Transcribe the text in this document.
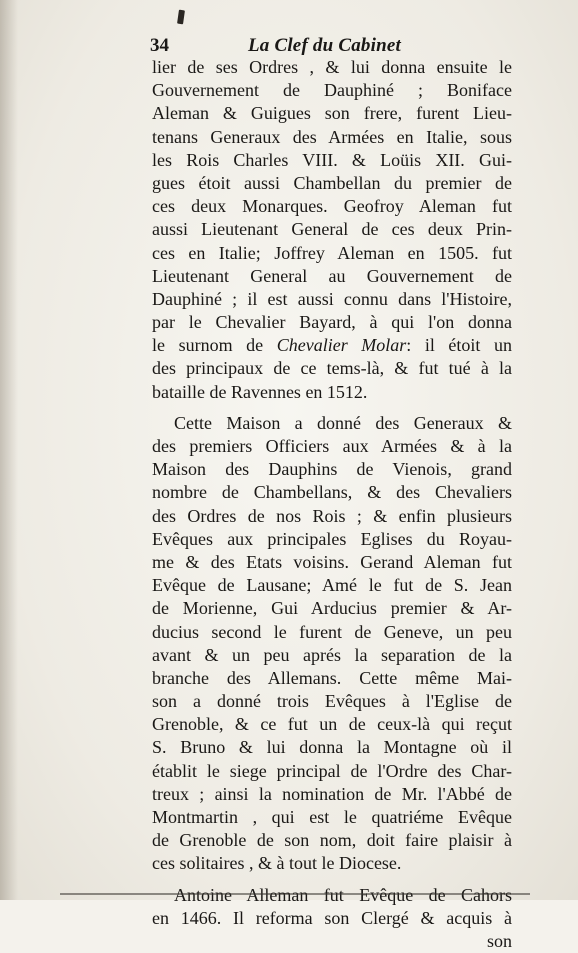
34	La Clef du Cabinet
lier de ses Ordres , & lui donna ensuite le
Gouvernement de Dauphiné ; Boniface
Aleman & Guigues son frere, furent Lieu-
tenans Generaux des Armées en Italie, sous
les Rois Charles VIII. & Loüis XII. Gui-
gues étoit aussi Chambellan du premier de
ces deux Monarques. Geofroy Aleman fut
aussi Lieutenant General de ces deux Prin-
ces en Italie; Joffrey Aleman en 1505. fut
Lieutenant General au Gouvernement de
Dauphiné ; il est aussi connu dans l'Histoire,
par le Chevalier Bayard, à qui l'on donna
le surnom de Chevalier Molar: il étoit un
des principaux de ce tems-là, & fut tué à la
bataille de Ravennes en 1512.
Cette Maison a donné des Generaux &
des premiers Officiers aux Armées & à la
Maison des Dauphins de Vienois, grand
nombre de Chambellans, & des Chevaliers
des Ordres de nos Rois ; & enfin plusieurs
Evêques aux principales Eglises du Royau-
me & des Etats voisins. Gerand Aleman fut
Evêque de Lausane; Amé le fut de S. Jean
de Morienne, Gui Arducius premier & Ar-
ducius second le furent de Geneve, un peu
avant & un peu aprés la separation de la
branche des Allemans. Cette même Mai-
son a donné trois Evêques à l'Eglise de
Grenoble, & ce fut un de ceux-là qui reçut
S. Bruno & lui donna la Montagne où il
établit le siege principal de l'Ordre des Char-
treux ; ainsi la nomination de Mr. l'Abbé de
Montmartin , qui est le quatriéme Evêque
de Grenoble de son nom, doit faire plaisir à
ces solitaires , & à tout le Diocese.
en 1466. Il reforma son Clergé & acquis à
son
